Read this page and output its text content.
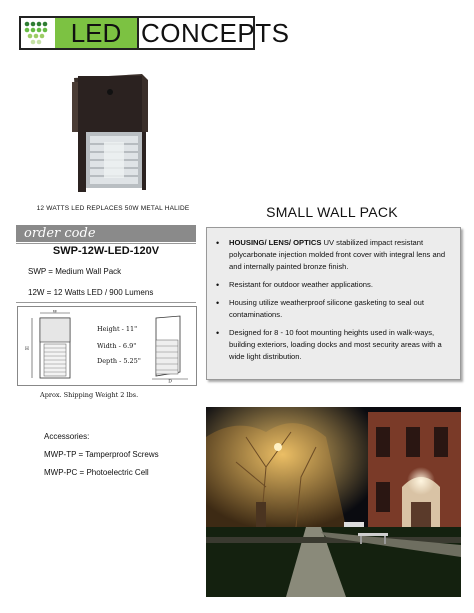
LED CONCEPTS
12 WATTS LED REPLACES 50W METAL HALIDE	SMALL WALL PACK
order code
SWP-12W-LED-120V
SWP = Medium Wall Pack
12W = 12 Watts LED / 900 Lumens
W
H
Height - 11"
Width - 6.9"
Depth - 5.25"
D
Aprox. Shipping Weight 2 lbs.
• HOUSING/ LENS/ OPTICS UV stabilized impact resistant polycarbonate injection molded front cover with integral lens and and internally painted bronze finish.
• Resistant for outdoor weather applications.
• Housing utilize weatherproof silicone gasketing to seal out contaminations.
• Designed for 8 - 10 foot mounting heights used in walk-ways, building exteriors, loading docks and most security areas with a wide light distribution.
Accessories:
MWP-TP = Tamperproof Screws
MWP-PC = Photoelectric Cell
